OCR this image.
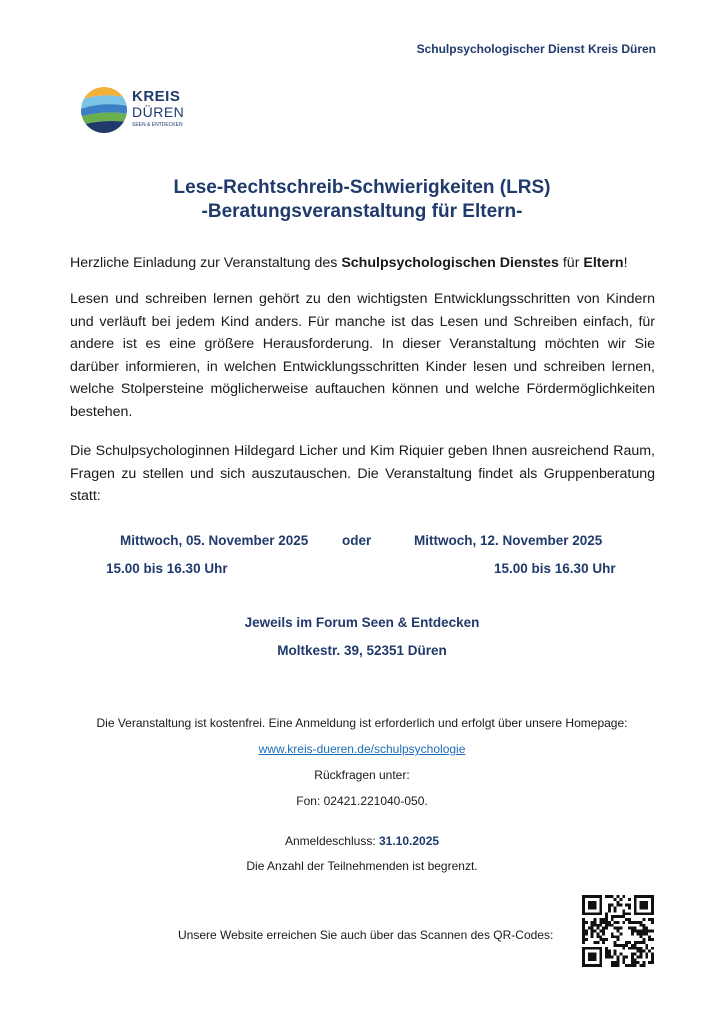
Schulpsychologischer Dienst Kreis Düren
KREIS
DÜREN
SEEN & ENTDECKEN
Lese-Rechtschreib-Schwierigkeiten (LRS)
-Beratungsveranstaltung für Eltern-
Herzliche Einladung zur Veranstaltung des Schulpsychologischen Dienstes für Eltern!
Lesen und schreiben lernen gehört zu den wichtigsten Entwicklungsschritten von Kindern und verläuft bei jedem Kind anders. Für manche ist das Lesen und Schreiben einfach, für andere ist es eine größere Herausforderung. In dieser Veranstaltung möchten wir Sie darüber informieren, in welchen Entwicklungsschritten Kinder lesen und schreiben lernen, welche Stolpersteine möglicherweise auftauchen können und welche Fördermöglichkeiten bestehen.
Die Schulpsychologinnen Hildegard Licher und Kim Riquier geben Ihnen ausreichend Raum, Fragen zu stellen und sich auszutauschen. Die Veranstaltung findet als Gruppenberatung statt:
Mittwoch, 05. November 2025 oder	Mittwoch, 12. November 2025
15.00 bis 16.30 Uhr	15.00 bis 16.30 Uhr
Jeweils im Forum Seen & Entdecken
Moltkestr. 39, 52351 Düren
Die Veranstaltung ist kostenfrei. Eine Anmeldung ist erforderlich und erfolgt über unsere Homepage:
www.kreis-dueren.de/schulpsychologie
Rückfragen unter:
Fon: 02421.221040-050.
Anmeldeschluss: 31.10.2025
Die Anzahl der Teilnehmenden ist begrenzt.
Unsere Website erreichen Sie auch über das Scannen des QR-Codes:
